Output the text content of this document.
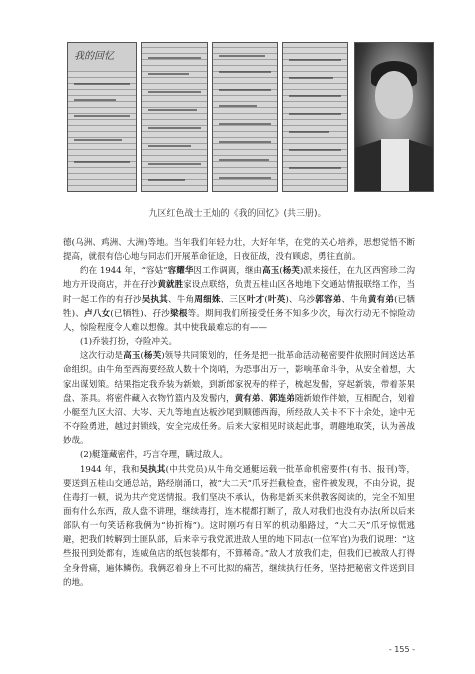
我的回忆
九区红色战士王灿的《我的回忆》(共三册)。

德(乌洲、鸡洲、大洲)等地。当年我们年轻力壮，大好年华，在党的关心培养，思想觉悟不断提高，就很有信心地与同志们开展革命征途，日夜征战，没有顾虑，勇往直前。

约在 1944 年，“容姑”容耀华因工作调离，继由高玉(杨芙)派来接任，在九区西窖珍二沟地方开设商店，并在孖沙黄就胜家设点联络，负责五桂山区各地地下交通站情报联络工作，当时一起工作的有孖沙吴执其、牛角周细姝、三区叶才(叶英)、乌沙郭容弟、牛角黄有弟(已牺牲)、卢八女(已牺牲)、孖沙梁根等。期间我们所接受任务不知多少次，每次行动无不惊险动人，惊险程度令人难以想像。其中使我最难忘的有——

(1)乔装打扮，夺险冲关。

这次行动是高玉(杨芙)领导共同策划的，任务是把一批革命活动秘密要件依照时间送达革命组织。由牛角至西海要经敌人数十个岗哨，为恐事出万一，影响革命斗争，从安全着想，大家出谋划策。结果指定我乔装为新娘，到新郎家祝寿的样子，梳起发髻，穿起新装，带着茶果盘、茶具。将密件藏入衣物竹篮内及发髻内，黄有弟、郭连弟随新娘作伴娘，互相配合，划着小艇至九区大沼、大岑、天九等地直达板沙尾到顺德西海，所经敌人关卡不下十余处，途中无不夺险勇进，越过封锁线，安全完成任务。后来大家相见时谈起此事，谓趣地取笑，认为善战妙哉。

(2)艇篷藏密件，巧言夺理，瞒过敌人。

1944 年，我和吴执其(中共党员)从牛角交通艇运载一批革命机密要件(有书、报刊)等，要送到五桂山交通总站，路经崩涌口，被“大二天”爪牙拦截检查，密件被发现，不由分说，捉住毒打一顿，说为共产党送情报。我们坚决不承认，伪称是新买来供教客阅读的，完全不知里面有什么东西，敌人盘不讲理，继续毒打，连木棍都打断了，敌人对我们也没有办法(所以后来部队有一句笑话称我俩为“协折梅”)。这时刚巧有日军的机动船路过，“大二天”爪牙惊慌逃避，把我们转解到士匪队部，后来幸亏我党派进敌人里的地下同志(一位军官)为我们说理：“这些报刊到处都有，连威鱼店的纸包装都有，不算稀奇。”敌人才放我们走，但我们已被敌人打得全身骨痛，遍体鳞伤。我俩忍着身上不可比拟的痛苦，继续执行任务，坚持把秘密文件送到目的地。

- 155 -
